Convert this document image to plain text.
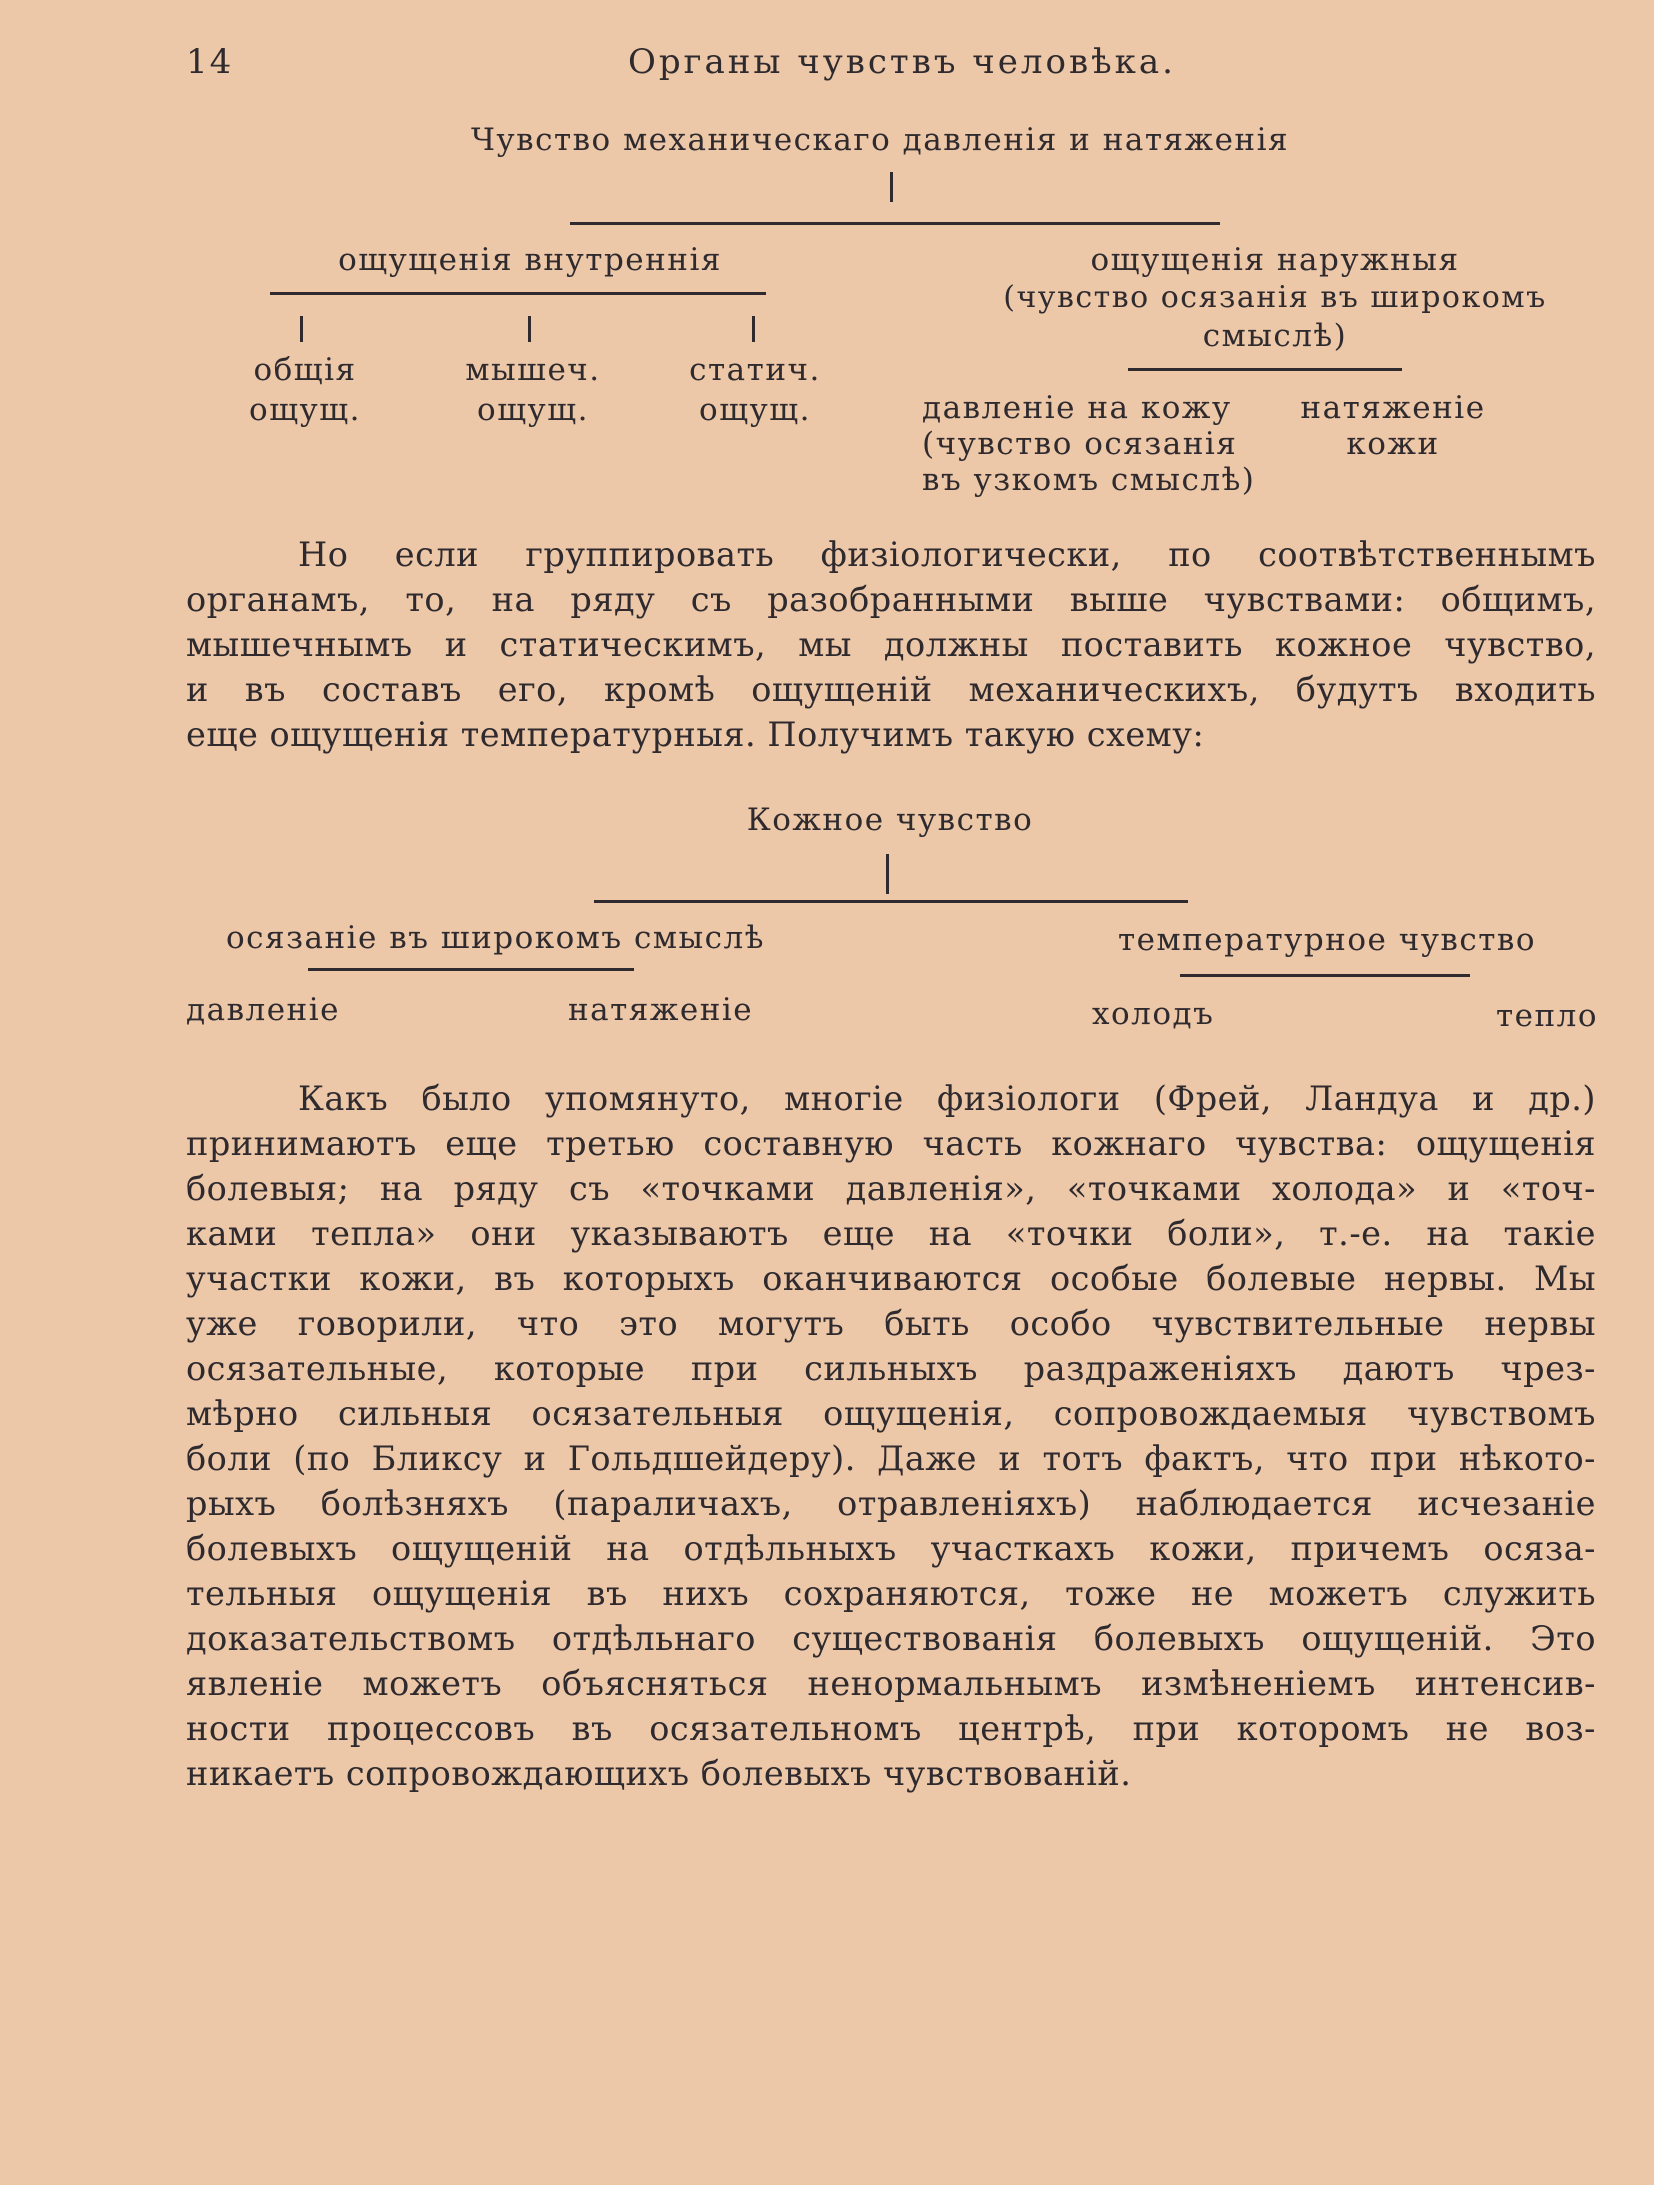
14	Органы чувствъ человѣка.
Чувство механическаго давленія и натяженія
ощущенія внутреннія
общія
ощущ.
мышеч.
ощущ.
статич.
ощущ.
ощущенія наружныя
(чувство осязанія въ широкомъ
смыслѣ)
давленіе на кожу
(чувство осязанія
въ узкомъ смыслѣ)
натяженіе
кожи
Но если группировать физіологически, по соотвѣтственнымъ
органамъ, то, на ряду съ разобранными выше чувствами: общимъ,
мышечнымъ и статическимъ, мы должны поставить кожное чувство,
и въ составъ его, кромѣ ощущеній механическихъ, будутъ входить
еще ощущенія температурныя. Получимъ такую схему:
Кожное чувство
осязаніе въ широкомъ смыслѣ	температурное чувство
давленіе	натяженіе	холодъ	тепло
Какъ было упомянуто, многіе физіологи (Фрей, Ландуа и др.)
принимаютъ еще третью составную часть кожнаго чувства: ощущенія
болевыя; на ряду съ «точками давленія», «точками холода» и «точ-
ками тепла» они указываютъ еще на «точки боли», т.-е. на такіе
участки кожи, въ которыхъ оканчиваются особые болевые нервы. Мы
уже говорили, что это могутъ быть особо чувствительные нервы
осязательные, которые при сильныхъ раздраженіяхъ даютъ чрез-
мѣрно сильныя осязательныя ощущенія, сопровождаемыя чувствомъ
боли (по Бликсу и Гольдшейдеру). Даже и тотъ фактъ, что при нѣкото-
рыхъ болѣзняхъ (параличахъ, отравленіяхъ) наблюдается исчезаніе
болевыхъ ощущеній на отдѣльныхъ участкахъ кожи, причемъ осяза-
тельныя ощущенія въ нихъ сохраняются, тоже не можетъ служить
доказательствомъ отдѣльнаго существованія болевыхъ ощущеній. Это
явленіе можетъ объясняться ненормальнымъ измѣненіемъ интенсив-
ности процессовъ въ осязательномъ центрѣ, при которомъ не воз-
никаетъ сопровождающихъ болевыхъ чувствованій.
